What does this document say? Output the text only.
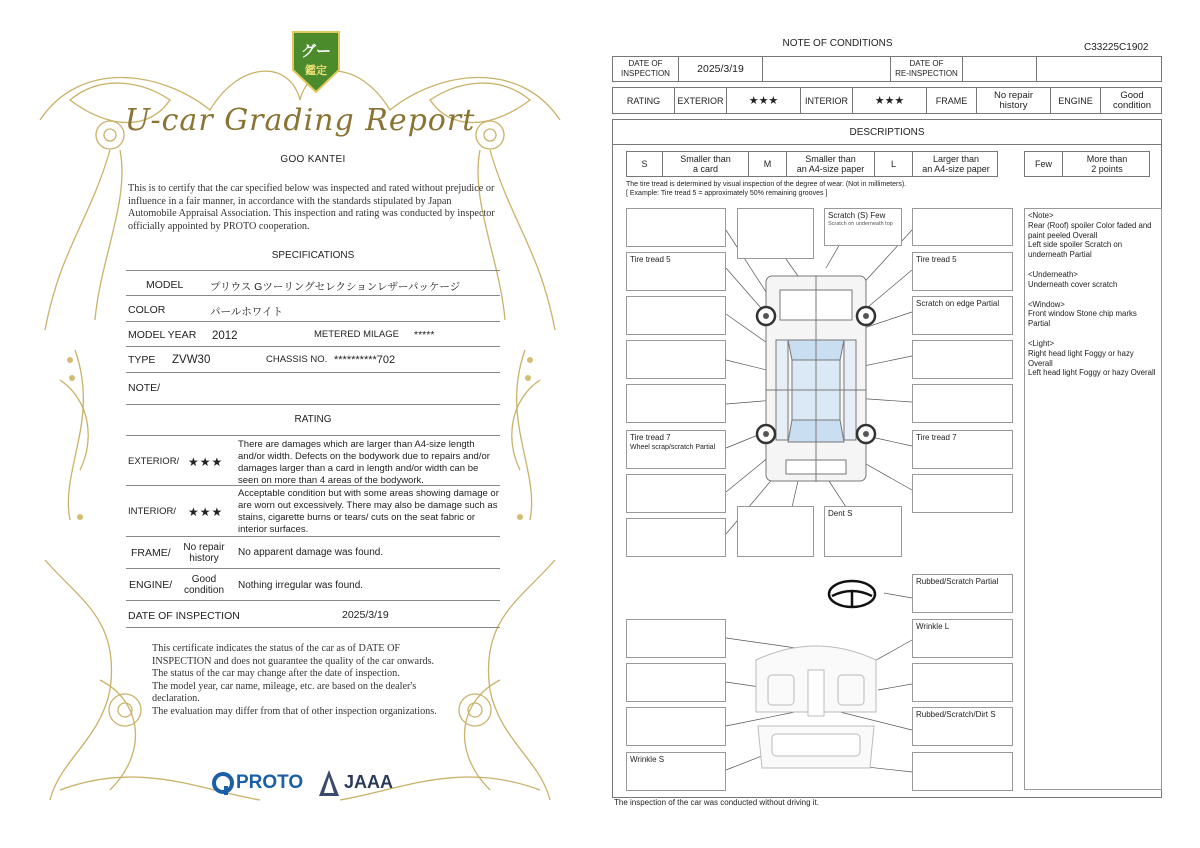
グー
鑑定
U-car Grading Report
GOO KANTEI
This is to certify that the car specified below was inspected and rated without prejudice or influence in a fair manner, in accordance with the standards stipulated by Japan Automobile Appraisal Association. This inspection and rating was conducted by inspector officially appointed by PROTO cooperation.
SPECIFICATIONS
MODEL	プリウス Gツーリングセレクションレザーパッケージ
COLOR	パールホワイト
MODEL YEAR 2012	METERED MILAGE *****
TYPE ZVW30	CHASSIS NO. **********702
NOTE/
RATING
EXTERIOR/ ★★★
There are damages which are larger than A4-size length and/or width. Defects on the bodywork due to repairs and/or damages larger than a card in length and/or width can be seen on more than 4 areas of the bodywork.
INTERIOR/ ★★★
Acceptable condition but with some areas showing damage or are worn out excessively. There may also be damage such as stains, cigarette burns or tears/ cuts on the seat fabric or interior surfaces.
FRAME/	No repair
history
No apparent damage was found.
ENGINE/	Good
condition	Nothing irregular was found.
DATE OF INSPECTION	2025/3/19
This certificate indicates the status of the car as of DATE OF
INSPECTION and does not guarantee the quality of the car onwards.
The status of the car may change after the date of inspection.
The model year, car name, mileage, etc. are based on the dealer's
declaration.
The evaluation may differ from that of other inspection organizations.
PROTO JAAA
NOTE OF CONDITIONS	C33225C1902
DATE OF
INSPECTION	2025/3/19	DATE OF
RE-INSPECTION
RATING	EXTERIOR	★★★	INTERIOR	★★★	FRAME	No repair
history	ENGINE	Good
condition
DESCRIPTIONS
S	Smaller than
a card	M	Smaller than
an A4-size paper	L	Larger than
an A4-size paper	Few	More than
2 points
The tire tread is determined by visual inspection of the degree of wear. (Not in millimeters).
[ Example: Tire tread 5 = approximately 50% remaining grooves ]
Scratch (S) Few
Scratch on underneath top
Tire tread 5	Tire tread 5
Scratch on edge Partial
Tire tread 7
Wheel scrap/scratch Partial
Tire tread 7
Dent S
Rubbed/Scratch Partial
Wrinkle L
Rubbed/Scratch/Dirt S
Wrinkle S
<Note>
Rear (Roof) spoiler Color faded and paint peeled Overall
Left side spoiler Scratch on underneath Partial
<Underneath>
Underneath cover scratch
<Window>
Front window Stone chip marks Partial
<Light>
Right head light Foggy or hazy Overall
Left head light Foggy or hazy Overall
The inspection of the car was conducted without driving it.
